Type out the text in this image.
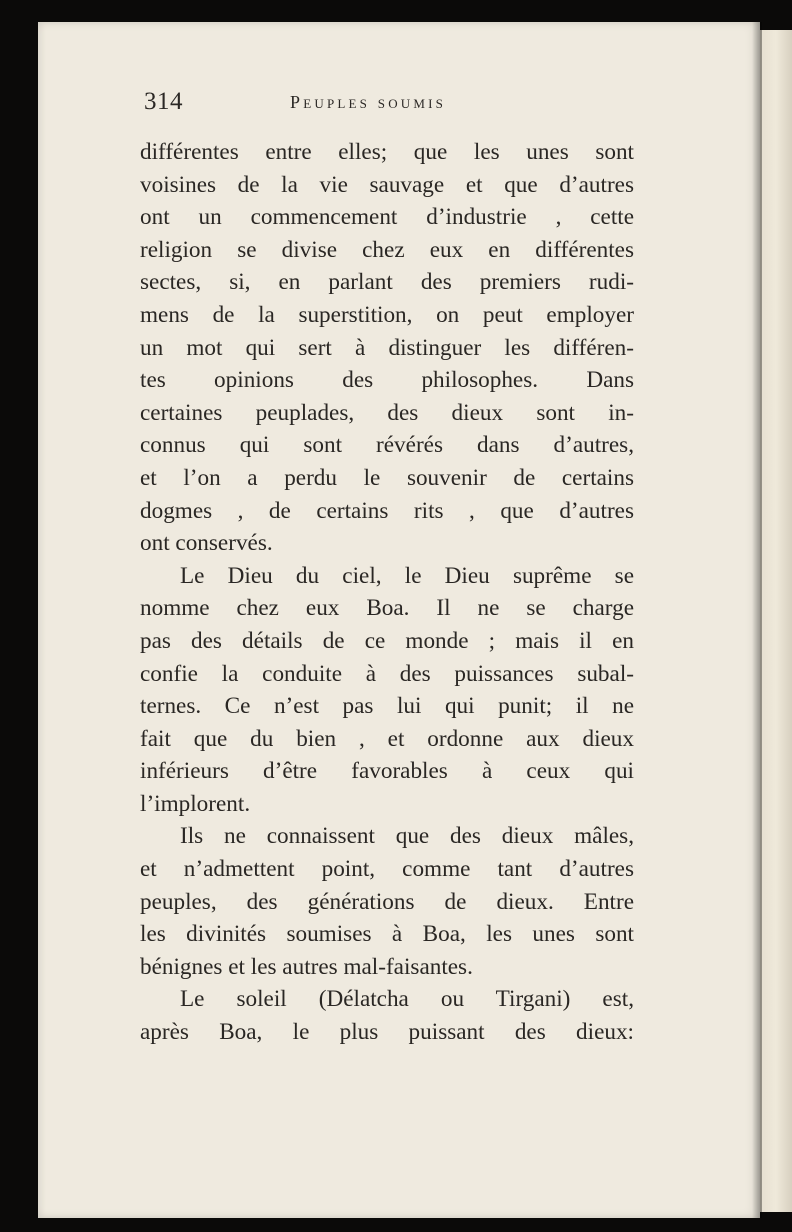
314	Peuples soumis
différentes entre elles; que les unes sont
voisines de la vie sauvage et que d’autres
ont un commencement d’industrie , cette
religion se divise chez eux en différentes
sectes, si, en parlant des premiers rudi-
mens de la superstition, on peut employer
un mot qui sert à distinguer les différen-
tes opinions des philosophes. Dans
certaines peuplades, des dieux sont in-
connus qui sont révérés dans d’autres,
et l’on a perdu le souvenir de certains
dogmes , de certains rits , que d’autres
ont conservés.
Le Dieu du ciel, le Dieu suprême se
nomme chez eux Boa. Il ne se charge
pas des détails de ce monde ; mais il en
confie la conduite à des puissances subal-
ternes. Ce n’est pas lui qui punit; il ne
fait que du bien , et ordonne aux dieux
inférieurs d’être favorables à ceux qui
l’implorent.
Ils ne connaissent que des dieux mâles,
et n’admettent point, comme tant d’autres
peuples, des générations de dieux. Entre
les divinités soumises à Boa, les unes sont
bénignes et les autres mal-faisantes.
Le soleil (Délatcha ou Tirgani) est,
après Boa, le plus puissant des dieux:
